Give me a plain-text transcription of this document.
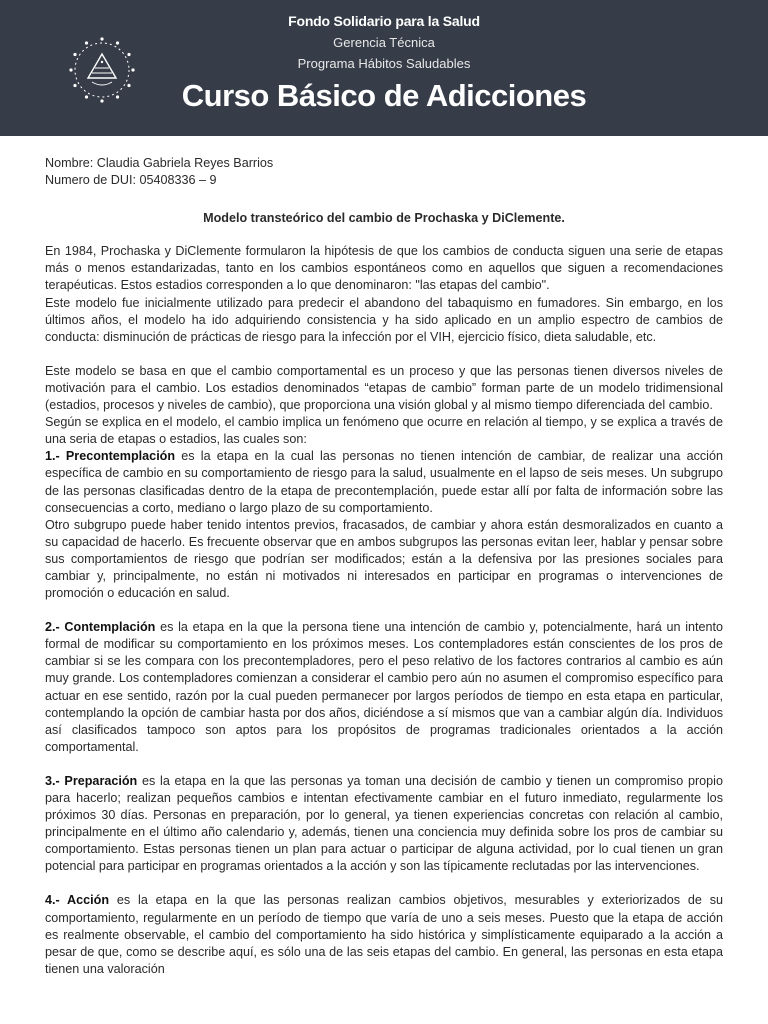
Fondo Solidario para la Salud
Gerencia Técnica
Programa Hábitos Saludables
Curso Básico de Adicciones

Nombre: Claudia Gabriela Reyes Barrios

Numero de DUI: 05408336 – 9

Modelo transteórico del cambio de Prochaska y DiClemente.

En 1984, Prochaska y DiClemente formularon la hipótesis de que los cambios de conducta siguen una serie de etapas más o menos estandarizadas, tanto en los cambios espontáneos como en aquellos que siguen a recomendaciones terapéuticas. Estos estadios corresponden a lo que denominaron: "las etapas del cambio".

Este modelo fue inicialmente utilizado para predecir el abandono del tabaquismo en fumadores. Sin embargo, en los últimos años, el modelo ha ido adquiriendo consistencia y ha sido aplicado en un amplio espectro de cambios de conducta: disminución de prácticas de riesgo para la infección por el VIH, ejercicio físico, dieta saludable, etc.

Este modelo se basa en que el cambio comportamental es un proceso y que las personas tienen diversos niveles de motivación para el cambio. Los estadios denominados “etapas de cambio” forman parte de un modelo tridimensional (estadios, procesos y niveles de cambio), que proporciona una visión global y al mismo tiempo diferenciada del cambio.

Según se explica en el modelo, el cambio implica un fenómeno que ocurre en relación al tiempo, y se explica a través de una seria de etapas o estadios, las cuales son:

1.- Precontemplación es la etapa en la cual las personas no tienen intención de cambiar, de realizar una acción específica de cambio en su comportamiento de riesgo para la salud, usualmente en el lapso de seis meses. Un subgrupo de las personas clasificadas dentro de la etapa de precontemplación, puede estar allí por falta de información sobre las consecuencias a corto, mediano o largo plazo de su comportamiento.

Otro subgrupo puede haber tenido intentos previos, fracasados, de cambiar y ahora están desmoralizados en cuanto a su capacidad de hacerlo. Es frecuente observar que en ambos subgrupos las personas evitan leer, hablar y pensar sobre sus comportamientos de riesgo que podrían ser modificados; están a la defensiva por las presiones sociales para cambiar y, principalmente, no están ni motivados ni interesados en participar en programas o intervenciones de promoción o educación en salud.

2.- Contemplación es la etapa en la que la persona tiene una intención de cambio y, potencialmente, hará un intento formal de modificar su comportamiento en los próximos meses. Los contempladores están conscientes de los pros de cambiar si se les compara con los precontempladores, pero el peso relativo de los factores contrarios al cambio es aún muy grande. Los contempladores comienzan a considerar el cambio pero aún no asumen el compromiso específico para actuar en ese sentido, razón por la cual pueden permanecer por largos períodos de tiempo en esta etapa en particular, contemplando la opción de cambiar hasta por dos años, diciéndose a sí mismos que van a cambiar algún día. Individuos así clasificados tampoco son aptos para los propósitos de programas tradicionales orientados a la acción comportamental.

3.- Preparación es la etapa en la que las personas ya toman una decisión de cambio y tienen un compromiso propio para hacerlo; realizan pequeños cambios e intentan efectivamente cambiar en el futuro inmediato, regularmente los próximos 30 días. Personas en preparación, por lo general, ya tienen experiencias concretas con relación al cambio, principalmente en el último año calendario y, además, tienen una conciencia muy definida sobre los pros de cambiar su comportamiento. Estas personas tienen un plan para actuar o participar de alguna actividad, por lo cual tienen un gran potencial para participar en programas orientados a la acción y son las típicamente reclutadas por las intervenciones.

4.- Acción es la etapa en la que las personas realizan cambios objetivos, mesurables y exteriorizados de su comportamiento, regularmente en un período de tiempo que varía de uno a seis meses. Puesto que la etapa de acción es realmente observable, el cambio del comportamiento ha sido histórica y simplísticamente equiparado a la acción a pesar de que, como se describe aquí, es sólo una de las seis etapas del cambio. En general, las personas en esta etapa tienen una valoración
